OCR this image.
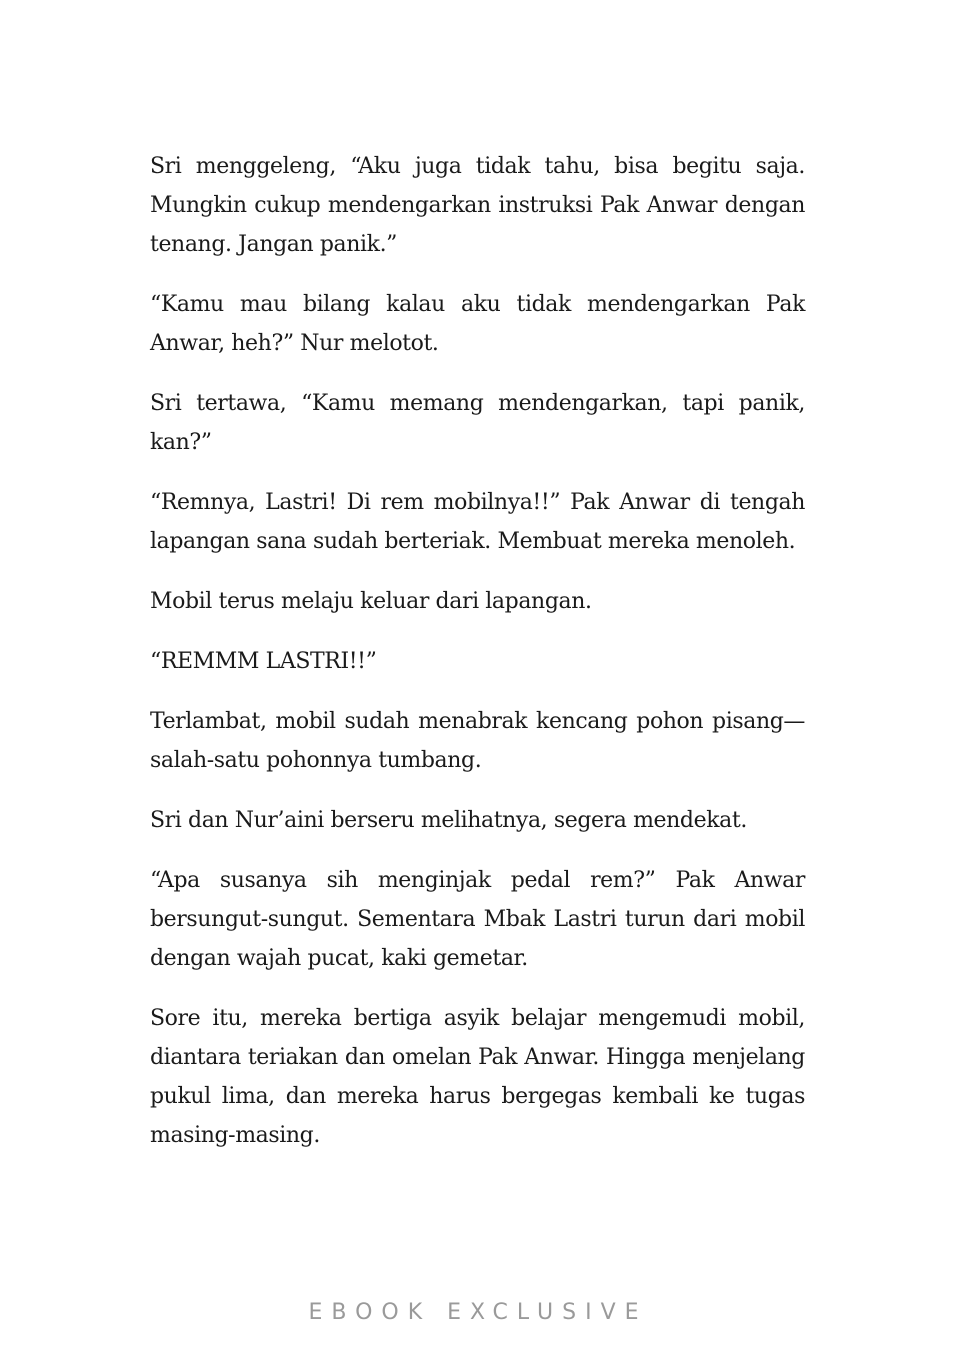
Sri menggeleng, “Aku juga tidak tahu, bisa begitu saja. Mungkin cukup mendengarkan instruksi Pak Anwar dengan tenang. Jangan panik.”

“Kamu mau bilang kalau aku tidak mendengarkan Pak Anwar, heh?” Nur melotot.

Sri tertawa, “Kamu memang mendengarkan, tapi panik, kan?”

“Remnya, Lastri! Di rem mobilnya!!” Pak Anwar di tengah lapangan sana sudah berteriak. Membuat mereka menoleh.

Mobil terus melaju keluar dari lapangan.

“REMMM LASTRI!!”

Terlambat, mobil sudah menabrak kencang pohon pisang—salah-satu pohonnya tumbang.

Sri dan Nur’aini berseru melihatnya, segera mendekat.

“Apa susanya sih menginjak pedal rem?” Pak Anwar bersungut-sungut. Sementara Mbak Lastri turun dari mobil dengan wajah pucat, kaki gemetar.

Sore itu, mereka bertiga asyik belajar mengemudi mobil, diantara teriakan dan omelan Pak Anwar. Hingga menjelang pukul lima, dan mereka harus bergegas kembali ke tugas masing-masing.

EBOOK EXCLUSIVE
